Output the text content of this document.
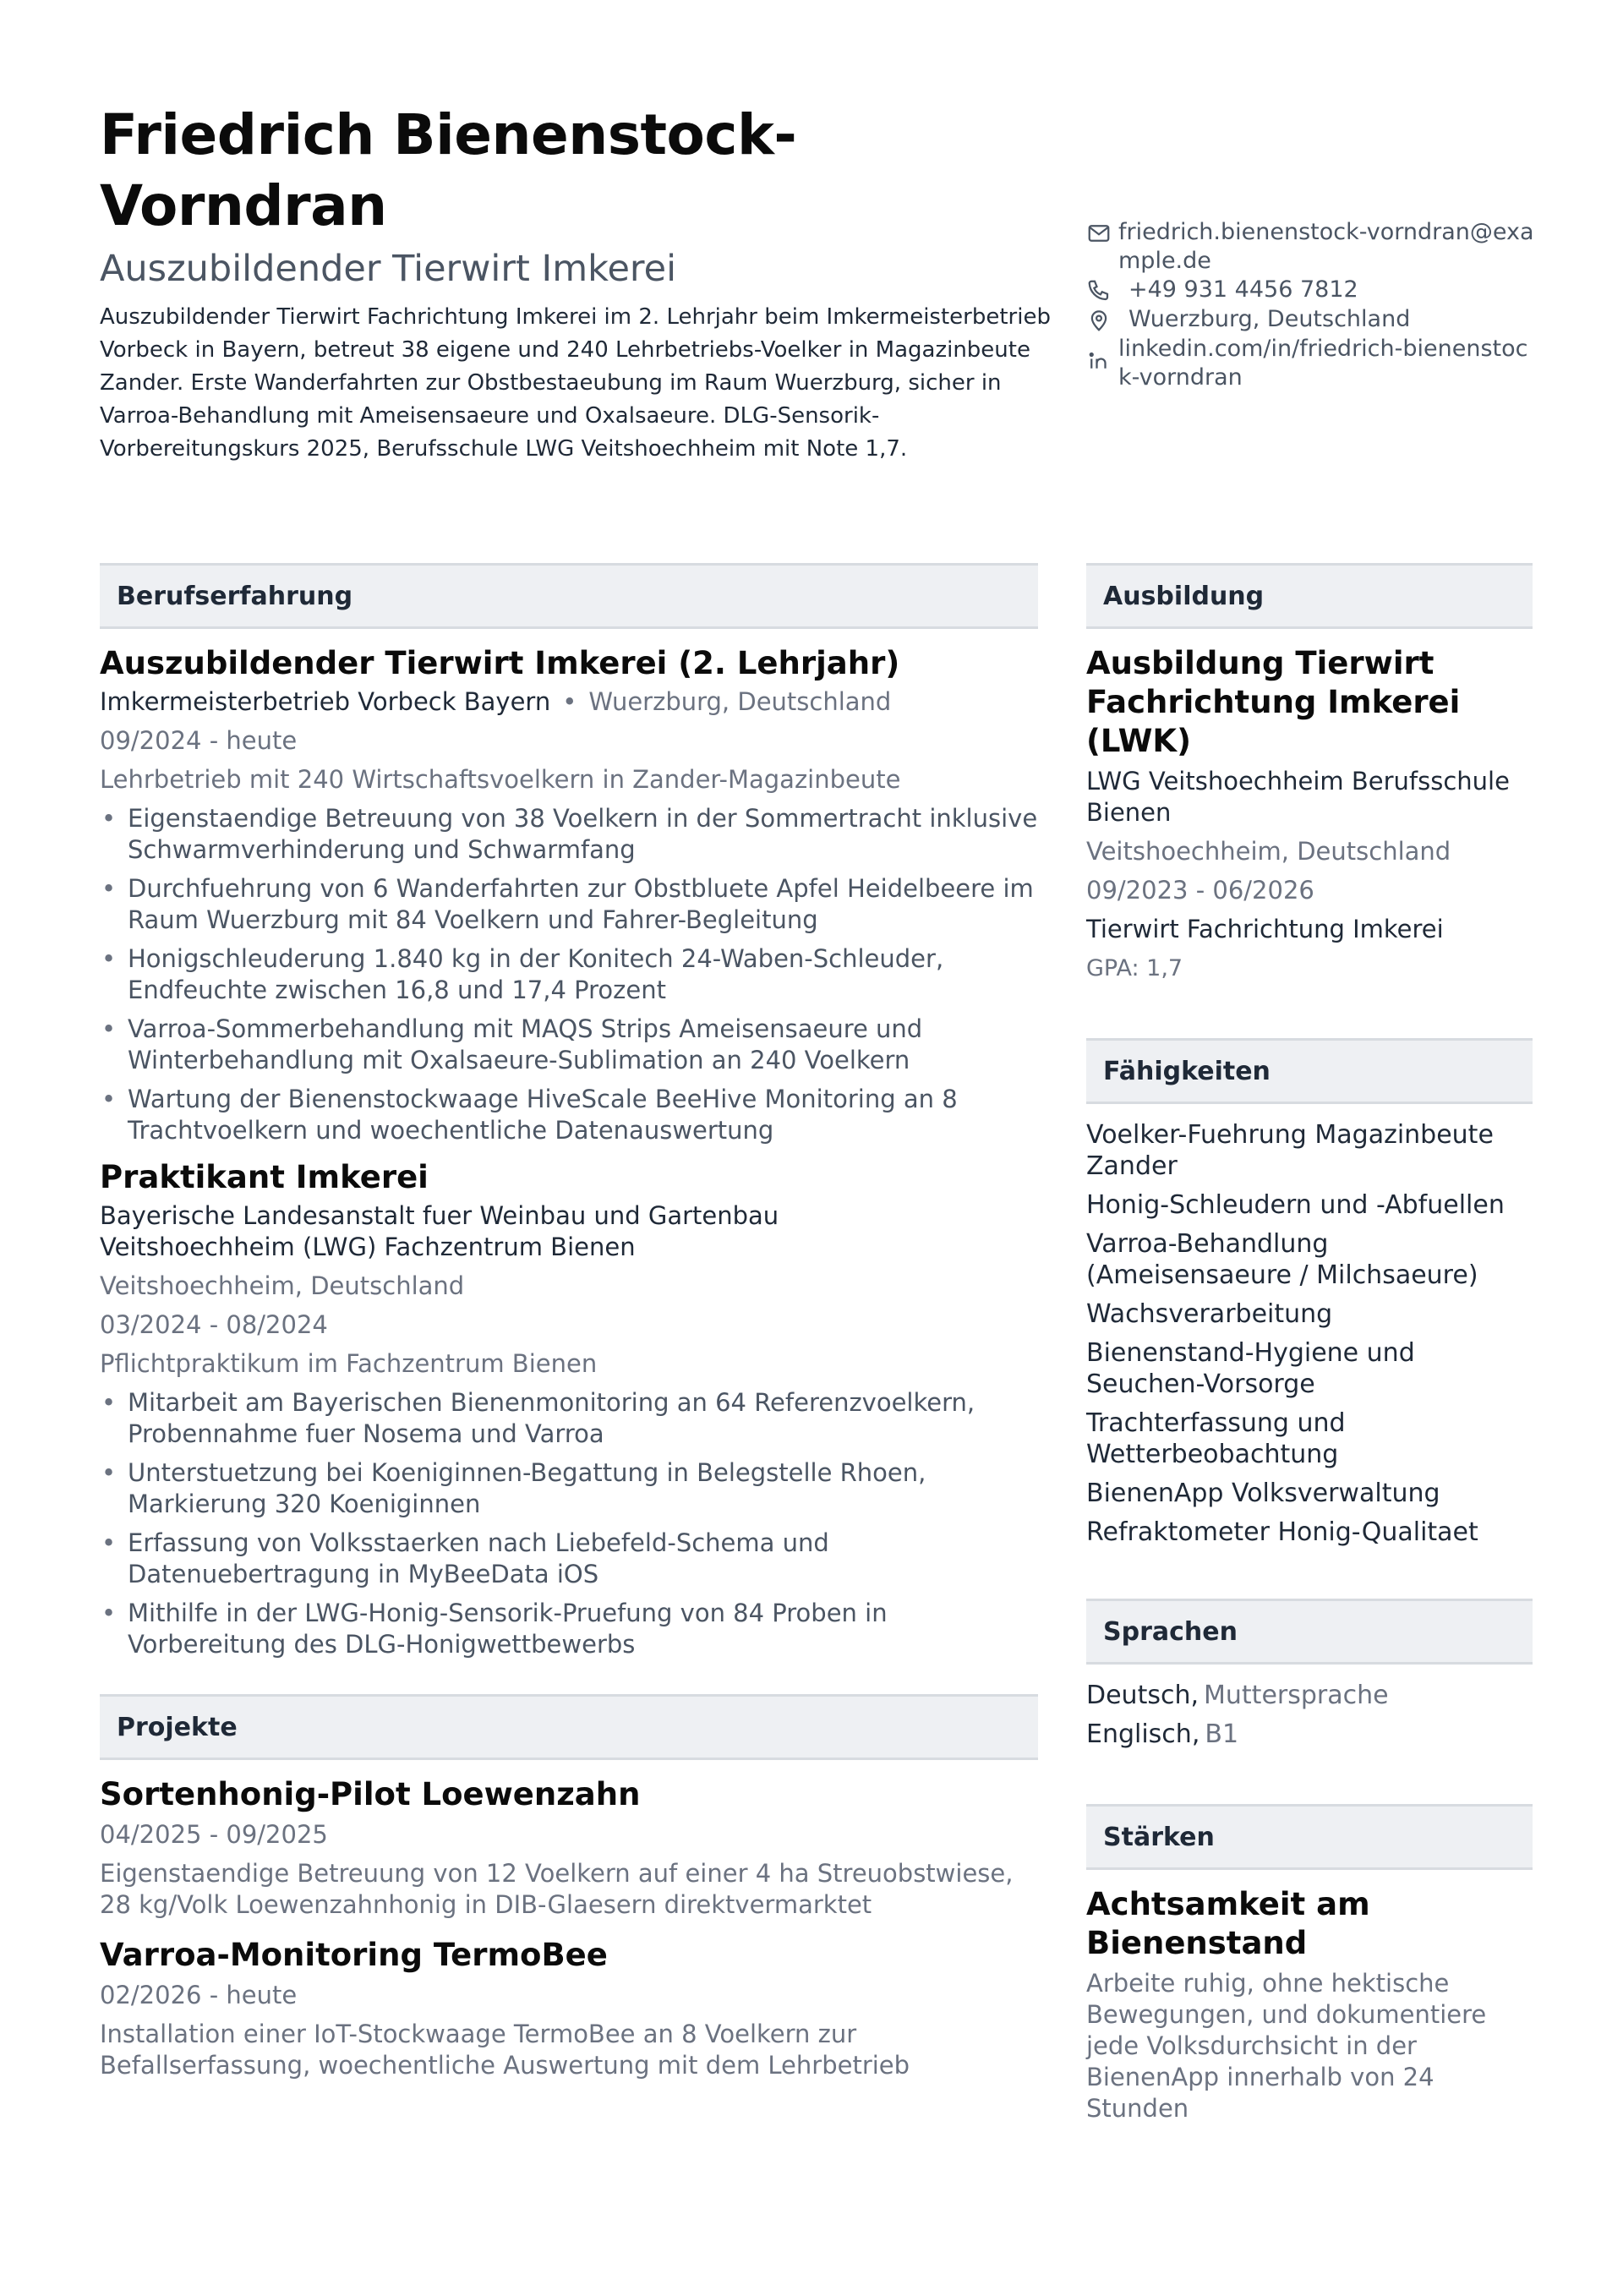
Friedrich Bienenstock-Vorndran
Auszubildender Tierwirt Imkerei

Auszubildender Tierwirt Fachrichtung Imkerei im 2. Lehrjahr beim Imkermeisterbetrieb Vorbeck in Bayern, betreut 38 eigene und 240 Lehrbetriebs-Voelker in Magazinbeute Zander. Erste Wanderfahrten zur Obstbestaeubung im Raum Wuerzburg, sicher in Varroa-Behandlung mit Ameisensaeure und Oxalsaeure. DLG-Sensorik-Vorbereitungskurs 2025, Berufsschule LWG Veitshoechheim mit Note 1,7.

friedrich.bienenstock-vorndran@example.de
+49 931 4456 7812
Wuerzburg, Deutschland
linkedin.com/in/friedrich-bienenstock-vorndran
Berufserfahrung
Auszubildender Tierwirt Imkerei (2. Lehrjahr)
Imkermeisterbetrieb Vorbeck Bayern • Wuerzburg, Deutschland
09/2024 - heute
Lehrbetrieb mit 240 Wirtschaftsvoelkern in Zander-Magazinbeute
• Eigenstaendige Betreuung von 38 Voelkern in der Sommertracht inklusive Schwarmverhinderung und Schwarmfang
• Durchfuehrung von 6 Wanderfahrten zur Obstbluete Apfel Heidelbeere im Raum Wuerzburg mit 84 Voelkern und Fahrer-Begleitung
• Honigschleuderung 1.840 kg in der Konitech 24-Waben-Schleuder, Endfeuchte zwischen 16,8 und 17,4 Prozent
• Varroa-Sommerbehandlung mit MAQS Strips Ameisensaeure und Winterbehandlung mit Oxalsaeure-Sublimation an 240 Voelkern
• Wartung der Bienenstockwaage HiveScale BeeHive Monitoring an 8 Trachtvoelkern und woechentliche Datenauswertung
Praktikant Imkerei
Bayerische Landesanstalt fuer Weinbau und Gartenbau Veitshoechheim (LWG) Fachzentrum Bienen
Veitshoechheim, Deutschland
03/2024 - 08/2024
Pflichtpraktikum im Fachzentrum Bienen
• Mitarbeit am Bayerischen Bienenmonitoring an 64 Referenzvoelkern, Probennahme fuer Nosema und Varroa
• Unterstuetzung bei Koeniginnen-Begattung in Belegstelle Rhoen, Markierung 320 Koeniginnen
• Erfassung von Volksstaerken nach Liebefeld-Schema und Datenuebertragung in MyBeeData iOS
• Mithilfe in der LWG-Honig-Sensorik-Pruefung von 84 Proben in Vorbereitung des DLG-Honigwettbewerbs
Projekte
Sortenhonig-Pilot Loewenzahn
04/2025 - 09/2025
Eigenstaendige Betreuung von 12 Voelkern auf einer 4 ha Streuobstwiese, 28 kg/Volk Loewenzahnhonig in DIB-Glaesern direktvermarktet
Varroa-Monitoring TermoBee
02/2026 - heute
Installation einer IoT-Stockwaage TermoBee an 8 Voelkern zur Befallserfassung, woechentliche Auswertung mit dem Lehrbetrieb
Ausbildung
Ausbildung Tierwirt Fachrichtung Imkerei (LWK)
LWG Veitshoechheim Berufsschule Bienen
Veitshoechheim, Deutschland
09/2023 - 06/2026
Tierwirt Fachrichtung Imkerei
GPA: 1,7
Fähigkeiten
Voelker-Fuehrung Magazinbeute Zander
Honig-Schleudern und -Abfuellen
Varroa-Behandlung (Ameisensaeure / Milchsaeure)
Wachsverarbeitung
Bienenstand-Hygiene und Seuchen-Vorsorge
Trachterfassung und Wetterbeobachtung
BienenApp Volksverwaltung
Refraktometer Honig-Qualitaet
Sprachen
Deutsch, Muttersprache
Englisch, B1
Stärken
Achtsamkeit am Bienenstand
Arbeite ruhig, ohne hektische Bewegungen, und dokumentiere jede Volksdurchsicht in der BienenApp innerhalb von 24 Stunden
